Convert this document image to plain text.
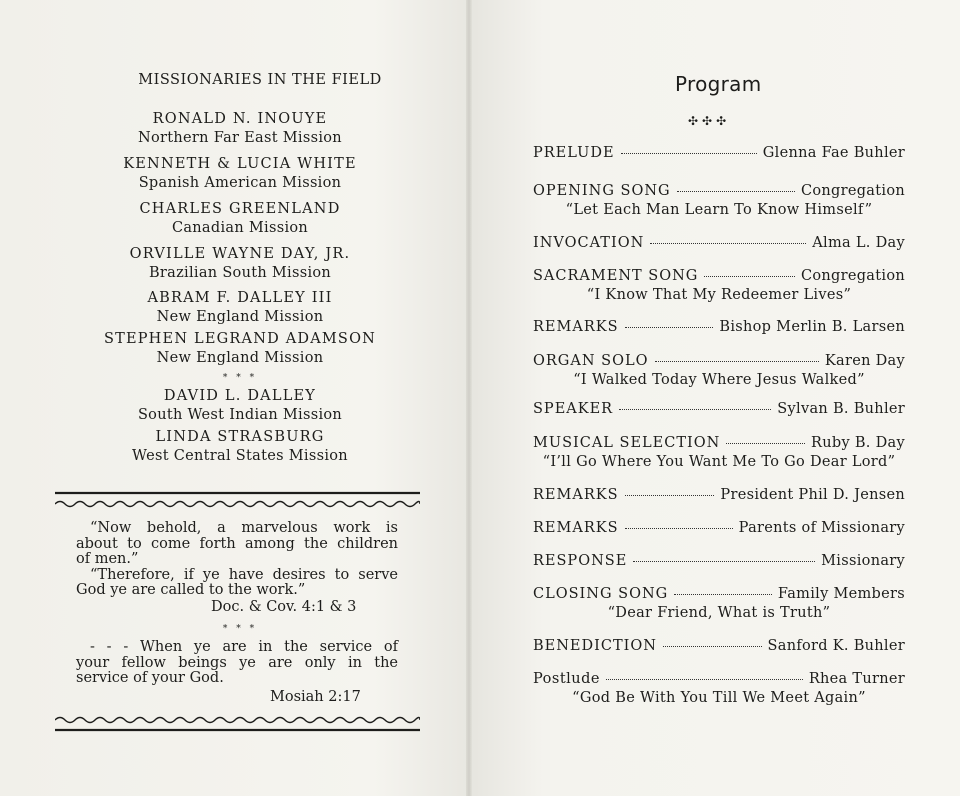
MISSIONARIES IN THE FIELD
RONALD N. INOUYE
Northern Far East Mission
KENNETH & LUCIA WHITE
Spanish American Mission
CHARLES GREENLAND
Canadian Mission
ORVILLE WAYNE DAY, JR.
Brazilian South Mission
ABRAM F. DALLEY III
New England Mission
STEPHEN LEGRAND ADAMSON
New England Mission
* * *
DAVID L. DALLEY
South West Indian Mission
LINDA STRASBURG
West Central States Mission

“Now behold, a marvelous work is

about to come forth among the children

of men.”

“Therefore, if ye have desires to serve

God ye are called to the work.”

Doc. & Cov. 4:1 & 3
* * *

- - - When ye are in the service of

your fellow beings ye are only in the

service of your God.

Mosiah 2:17
Program
✣✣✣
PRELUDE	Glenna Fae Buhler
OPENING SONG	Congregation
“Let Each Man Learn To Know Himself”
INVOCATION	Alma L. Day
SACRAMENT SONG	Congregation
“I Know That My Redeemer Lives”
REMARKS	Bishop Merlin B. Larsen
ORGAN SOLO	Karen Day
“I Walked Today Where Jesus Walked”
SPEAKER	Sylvan B. Buhler
MUSICAL SELECTION	Ruby B. Day
“I’ll Go Where You Want Me To Go Dear Lord”
REMARKS	President Phil D. Jensen
REMARKS	Parents of Missionary
RESPONSE	Missionary
CLOSING SONG	Family Members
“Dear Friend, What is Truth”
BENEDICTION	Sanford K. Buhler
Postlude	Rhea Turner
“God Be With You Till We Meet Again”
